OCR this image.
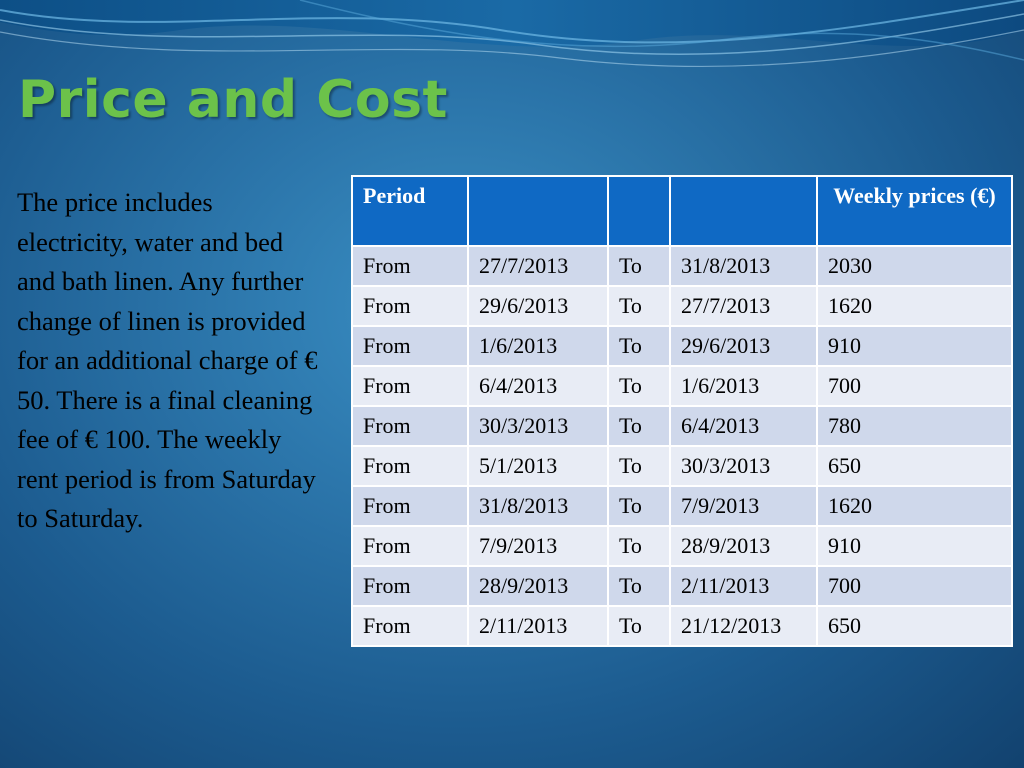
Price and Cost

The price includes electricity, water and bed and bath linen. Any further change of linen is provided for an additional charge of € 50. There is a final cleaning fee of € 100. The weekly rent period is from Saturday to Saturday.

Period				Weekly prices (€)
From	27/7/2013	To	31/8/2013	2030
From	29/6/2013	To	27/7/2013	1620
From	1/6/2013	To	29/6/2013	910
From	6/4/2013	To	1/6/2013	700
From	30/3/2013	To	6/4/2013	780
From	5/1/2013	To	30/3/2013	650
From	31/8/2013	To	7/9/2013	1620
From	7/9/2013	To	28/9/2013	910
From	28/9/2013	To	2/11/2013	700
From	2/11/2013	To	21/12/2013	650
